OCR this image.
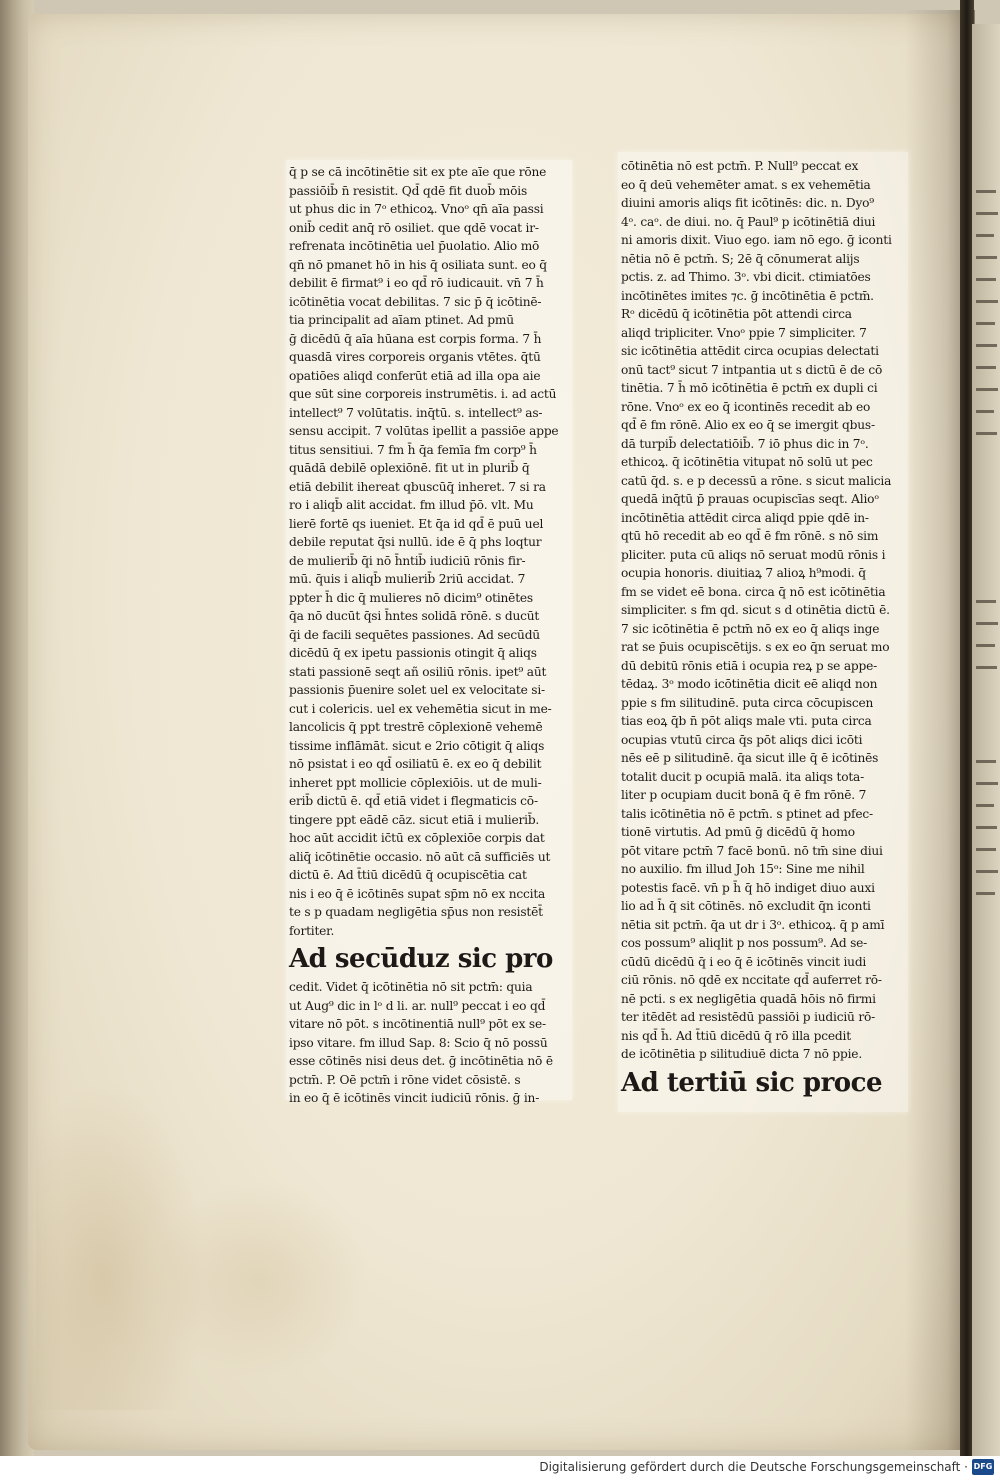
q̄ p se cā incōtinētie sit ex pte aīe que rōne
passiōib̄ n̄ resistit. Qd̄ qdē fit duob̄ mōis
ut phus dic in 7ᵒ ethicoꝝ. Vnoᵒ qn̄ aīa passi
onib̄ cedit anq̄ rō osiliet. que qdē vocat ir-
refrenata incōtinētia uel p̄uolatio. Alio mō
qn̄ nō pmanet hō in his q̄ osiliata sunt. eo q̄
debilit ē firmat⁹ i eo qd̄ rō iudicauit. vn̄ 7 h̄
icōtinētia vocat debilitas. 7 sic p̄ q̄ icōtinē-
tia principalit ad aīam ptinet. Ad pmū
ḡ dicēdū q̄ aīa hūana est corpis forma. 7 h̄
quasdā vires corporeis organis vtētes. q̄tū
opatiōes aliqd conferūt etiā ad illa opa aie
que sūt sine corporeis instrumētis. i. ad actū
intellect⁹ 7 volūtatis. inq̄tū. s. intellect⁹ as-
sensu accipit. 7 volūtas ipellit a passiōe appe
titus sensitiui. 7 fm h̄ q̄a femīa fm corp⁹ h̄
quādā debilē oplexiōnē. fit ut in plurib̄ q̄
etiā debilit ihereat qbuscūq̄ inheret. 7 si ra
ro i aliqb̄ alit accidat. fm illud p̄ō. vlt. Mu
lierē fortē qs iueniet. Et q̄a id qd̄ ē puū uel
debile reputat q̄si nullū. ide ē q̄ phs loqtur
de mulierib̄ q̄i nō h̄ntib̄ iudiciū rōnis fir-
mū. q̄uis i aliqb̄ mulierib̄ 2riū accidat. 7
ppter h̄ dic q̄ mulieres nō dicim⁹ otinētes
q̄a nō ducūt q̄si h̄ntes solidā rōnē. s ducūt
q̄i de facili sequētes passiones. Ad secūdū
dicēdū q̄ ex ipetu passionis otingit q̄ aliqs
stati passionē seqt añ osiliū rōnis. ipet⁹ aūt
passionis p̄uenire solet uel ex velocitate si-
cut i colericis. uel ex vehemētia sicut in me-
lancolicis q̄ ppt trestrē cōplexionē vehemē
tissime inflāmāt. sicut e 2rio cōtigit q̄ aliqs
nō psistat i eo qd̄ osiliatū ē. ex eo q̄ debilit
inheret ppt mollicie cōplexiōis. ut de muli-
erib̄ dictū ē. qd̄ etiā videt i flegmaticis cō-
tingere ppt eādē cāz. sicut etiā i mulierib̄.
hoc aūt accidit ic̄tū ex cōplexiōe corpis dat
aliq̄ icōtinētie occasio. nō aūt cā sufficiēs ut
dictū ē. Ad t̄tiū dicēdū q̄ ocupiscētia cat
nis i eo q̄ ē icōtinēs supat sp̄m nō ex nccita
te s p quadam negligētia sp̄us non resistēt̄
fortiter.
Ad secūduz sic pro
cedit. Videt q̄ icōtinētia nō sit pctm̄: quia
ut Aug⁹ dic in lᵒ d li. ar. null⁹ peccat i eo qd̄
vitare nō pōt. s incōtinentiā null⁹ pōt ex se-
ipso vitare. fm illud Sap. 8: Scio q̄ nō possū
esse cōtinēs nisi deus det. ḡ incōtinētia nō ē
pctm̄. P. Oē pctm̄ i rōne videt cōsistē. s
in eo q̄ ē icōtinēs vincit iudiciū rōnis. ḡ in-
cōtinētia nō est pctm̄. P. Null⁹ peccat ex
eo q̄ deū vehemēter amat. s ex vehemētia
diuini amoris aliqs fit icōtinēs: dic. n. Dyo⁹
4ᵒ. caᵒ. de diui. no. q̄ Paul⁹ p icōtinētiā diui
ni amoris dixit. Viuo ego. iam nō ego. ḡ iconti
nētia nō ē pctm̄. S; 2ē q̄ cōnumerat alijs
pctis. z. ad Thimo. 3ᵒ. vbi dicit. ctimiatōes
incōtinētes imites ⁊c. ḡ incōtinētia ē pctm̄.
Rᵒ dicēdū q̄ icōtinētia pōt attendi circa
aliqd tripliciter. Vnoᵒ ppie 7 simpliciter. 7
sic icōtinētia attēdit circa ocupias delectati
onū tact⁹ sicut 7 intpantia ut s dictū ē de cō
tinētia. 7 h̄ mō icōtinētia ē pctm̄ ex dupli ci
rōne. Vnoᵒ ex eo q̄ icontinēs recedit ab eo
qd̄ ē fm rōnē. Alio ex eo q̄ se imergit qbus-
dā turpib̄ delectatiōib̄. 7 iō phus dic in 7ᵒ.
ethicoꝝ. q̄ icōtinētia vitupat nō solū ut pec
catū q̄d. s. e p decessū a rōne. s sicut malicia
quedā inq̄tū p̄ prauas ocupiscīas seqt. Alioᵒ
incōtinētia attēdit circa aliqd ppie qdē in-
qtū hō recedit ab eo qd̄ ē fm rōnē. s nō sim
pliciter. puta cū aliqs nō seruat modū rōnis i
ocupia honoris. diuitiaꝝ 7 alioꝝ h⁹modi. q̄
fm se videt eē bona. circa q̄ nō est icōtinētia
simpliciter. s fm qd. sicut s d otinētia dictū ē.
7 sic icōtinētia ē pctm̄ nō ex eo q̄ aliqs inge
rat se p̄uis ocupiscētijs. s ex eo q̄n seruat mo
dū debitū rōnis etiā i ocupia reꝝ p se appe-
tēdaꝝ. 3ᵒ modo icōtinētia dicit eē aliqd non
ppie s fm silitudinē. puta circa cōcupiscen
tias eoꝝ q̄b n̄ pōt aliqs male vti. puta circa
ocupias vtutū circa q̄s pōt aliqs dici icōti
nēs eē p silitudinē. q̄a sicut ille q̄ ē icōtinēs
totalit ducit p ocupiā malā. ita aliqs tota-
liter p ocupiam ducit bonā q̄ ē fm rōnē. 7
talis icōtinētia nō ē pctm̄. s ptinet ad pfec-
tionē virtutis. Ad pmū ḡ dicēdū q̄ homo
pōt vitare pctm̄ 7 facē bonū. nō tm̄ sine diui
no auxilio. fm illud Joh 15ᵒ: Sine me nihil
potestis facē. vn̄ p h̄ q̄ hō indiget diuo auxi
lio ad h̄ q̄ sit cōtinēs. nō excludit q̄n iconti
nētia sit pctm̄. q̄a ut dr i 3ᵒ. ethicoꝝ. q̄ p amī
cos possum⁹ aliqlit p nos possum⁹. Ad se-
cūdū dicēdū q̄ i eo q̄ ē icōtinēs vincit iudi
ciū rōnis. nō qdē ex nccitate qd̄ auferret rō-
nē pcti. s ex negligētia quadā hōis nō firmi
ter itēdēt ad resistēdū passiōi p iudiciū rō-
nis qd̄ h̄. Ad t̄tiū dicēdū q̄ rō illa pcedit
de icōtinētia p silitudiuē dicta 7 nō ppie.
Ad tertiū sic proce
Digitalisierung gefördert durch die Deutsche Forschungsgemeinschaft · DFG
